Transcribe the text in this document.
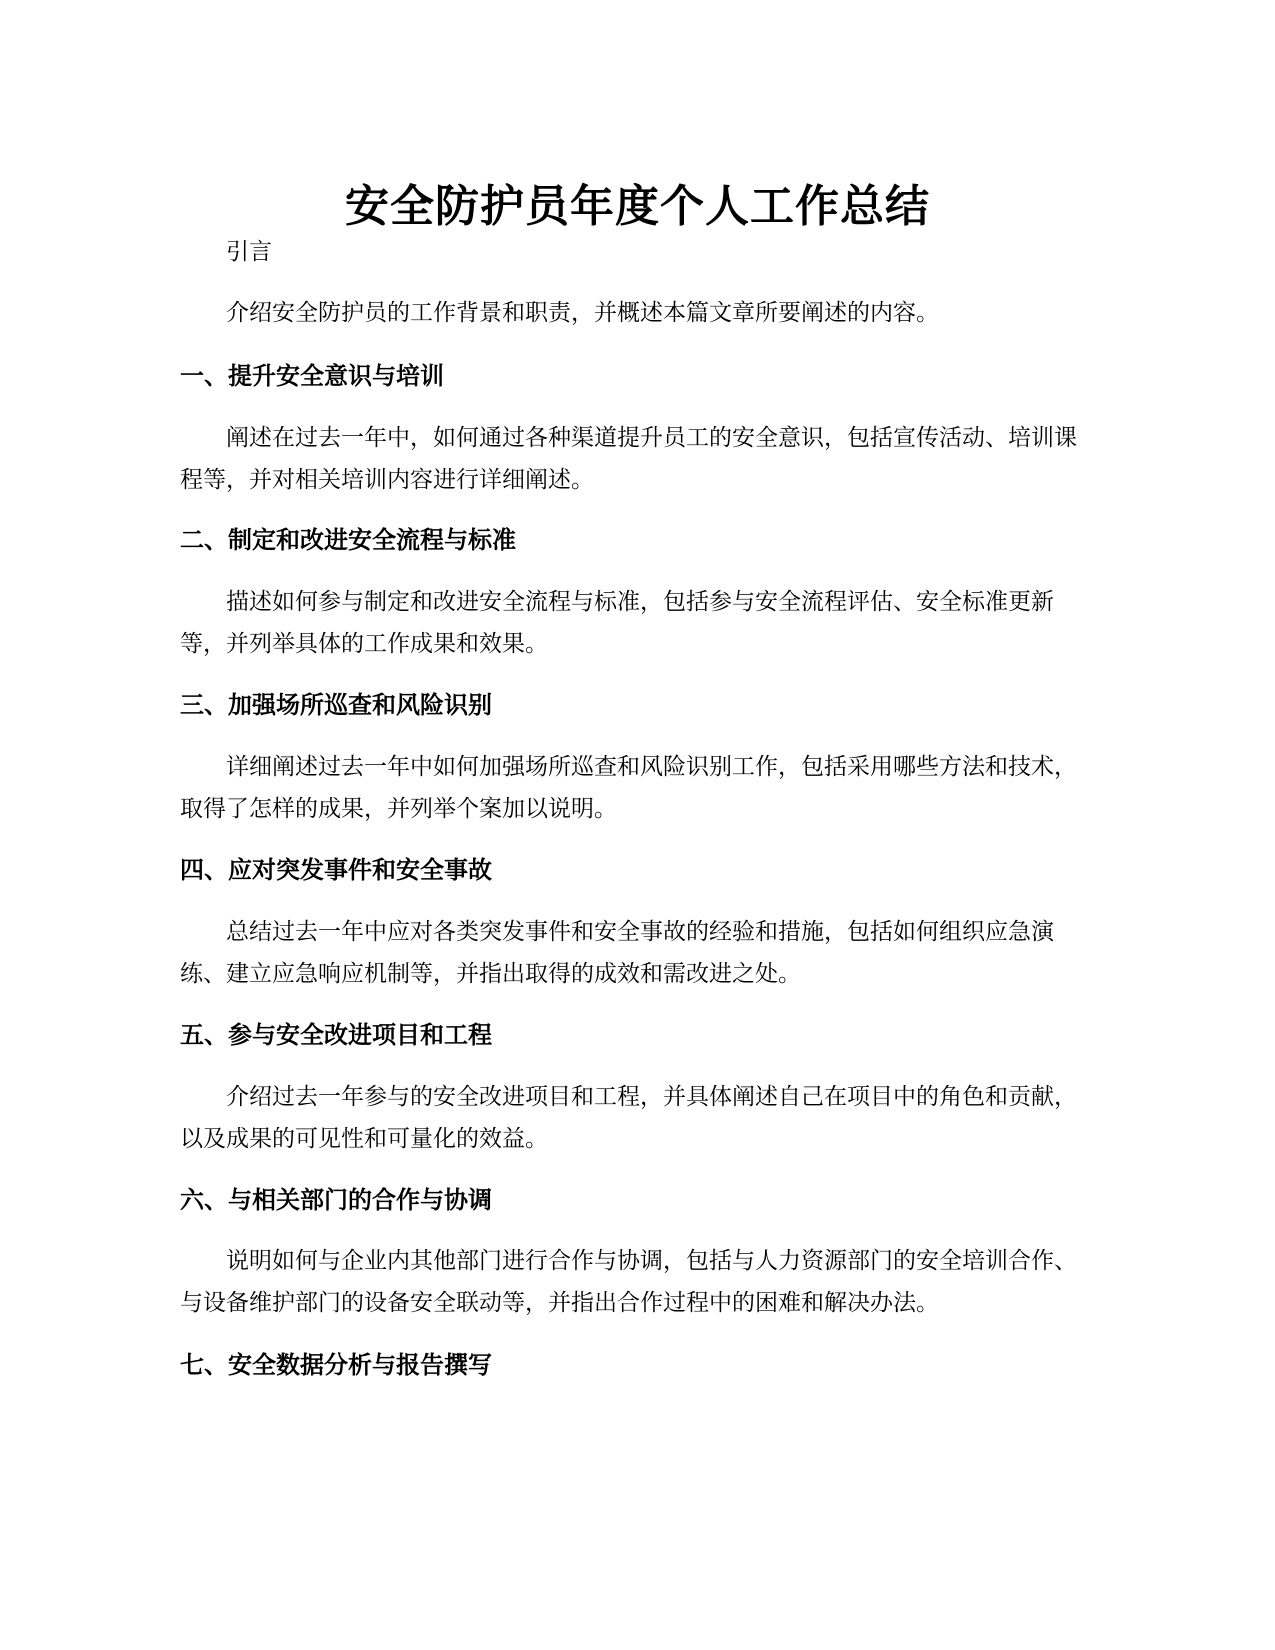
安全防护员年度个人工作总结

引言

介绍安全防护员的工作背景和职责，并概述本篇文章所要阐述的内容。

一、提升安全意识与培训

阐述在过去一年中，如何通过各种渠道提升员工的安全意识，包括宣传活动、培训课程等，并对相关培训内容进行详细阐述。

二、制定和改进安全流程与标准

描述如何参与制定和改进安全流程与标准，包括参与安全流程评估、安全标准更新等，并列举具体的工作成果和效果。

三、加强场所巡查和风险识别

详细阐述过去一年中如何加强场所巡查和风险识别工作，包括采用哪些方法和技术，取得了怎样的成果，并列举个案加以说明。

四、应对突发事件和安全事故

总结过去一年中应对各类突发事件和安全事故的经验和措施，包括如何组织应急演练、建立应急响应机制等，并指出取得的成效和需改进之处。

五、参与安全改进项目和工程

介绍过去一年参与的安全改进项目和工程，并具体阐述自己在项目中的角色和贡献，以及成果的可见性和可量化的效益。

六、与相关部门的合作与协调

说明如何与企业内其他部门进行合作与协调，包括与人力资源部门的安全培训合作、与设备维护部门的设备安全联动等，并指出合作过程中的困难和解决办法。

七、安全数据分析与报告撰写
